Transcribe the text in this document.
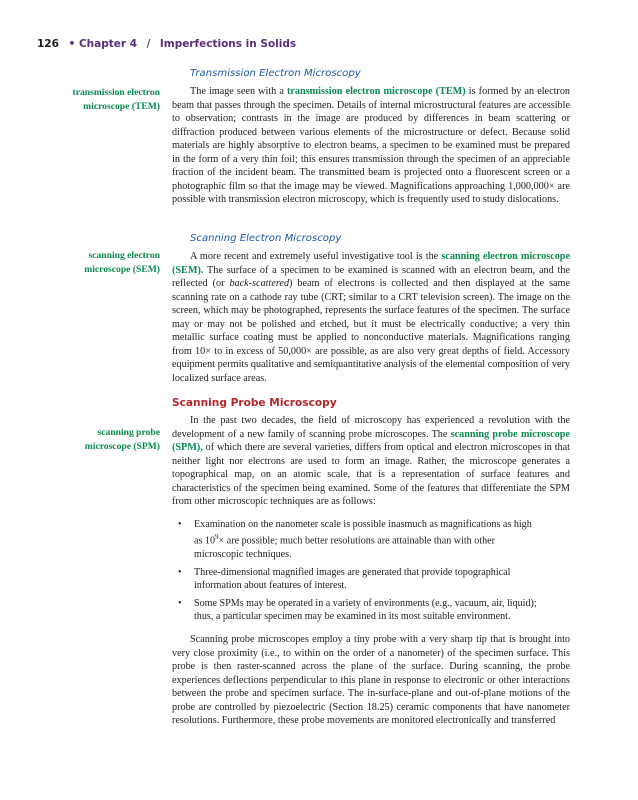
126 • Chapter 4 / Imperfections in Solids
transmission electron
microscope (TEM)
scanning electron
microscope (SEM)
scanning probe
microscope (SPM)
Transmission Electron Microscopy

The image seen with a transmission electron microscope (TEM) is formed by an electron beam that passes through the specimen. Details of internal microstructural features are accessible to observation; contrasts in the image are produced by differences in beam scattering or diffraction produced between various elements of the microstructure or defect. Because solid materials are highly absorptive to electron beams, a specimen to be examined must be prepared in the form of a very thin foil; this ensures transmission through the specimen of an appreciable fraction of the incident beam. The transmitted beam is projected onto a fluorescent screen or a photographic film so that the image may be viewed. Magnifications approaching 1,000,000× are possible with transmission electron microscopy, which is frequently used to study dislocations.

Scanning Electron Microscopy

A more recent and extremely useful investigative tool is the scanning electron microscope (SEM). The surface of a specimen to be examined is scanned with an electron beam, and the reflected (or back-scattered) beam of electrons is collected and then displayed at the same scanning rate on a cathode ray tube (CRT; similar to a CRT television screen). The image on the screen, which may be photographed, represents the surface features of the specimen. The surface may or may not be polished and etched, but it must be electrically conductive; a very thin metallic surface coating must be applied to nonconductive materials. Magnifications ranging from 10× to in excess of 50,000× are possible, as are also very great depths of field. Accessory equipment permits qualitative and semiquantitative analysis of the elemental composition of very localized surface areas.

Scanning Probe Microscopy

In the past two decades, the field of microscopy has experienced a revolution with the development of a new family of scanning probe microscopes. The scanning probe microscope (SPM), of which there are several varieties, differs from optical and electron microscopes in that neither light nor electrons are used to form an image. Rather, the microscope generates a topographical map, on an atomic scale, that is a representation of surface features and characteristics of the specimen being examined. Some of the features that differentiate the SPM from other microscopic techniques are as follows:

• Examination on the nanometer scale is possible inasmuch as magnifications as high as $10^9\times$ are possible; much better resolutions are attainable than with other microscopic techniques.
• Three-dimensional magnified images are generated that provide topographical information about features of interest.
• Some SPMs may be operated in a variety of environments (e.g., vacuum, air, liquid); thus, a particular specimen may be examined in its most suitable environment.

Scanning probe microscopes employ a tiny probe with a very sharp tip that is brought into very close proximity (i.e., to within on the order of a nanometer) of the specimen surface. This probe is then raster-scanned across the plane of the surface. During scanning, the probe experiences deflections perpendicular to this plane in response to electronic or other interactions between the probe and specimen surface. The in-surface-plane and out-of-plane motions of the probe are controlled by piezoelectric (Section 18.25) ceramic components that have nanometer resolutions. Furthermore, these probe movements are monitored electronically and transferred
